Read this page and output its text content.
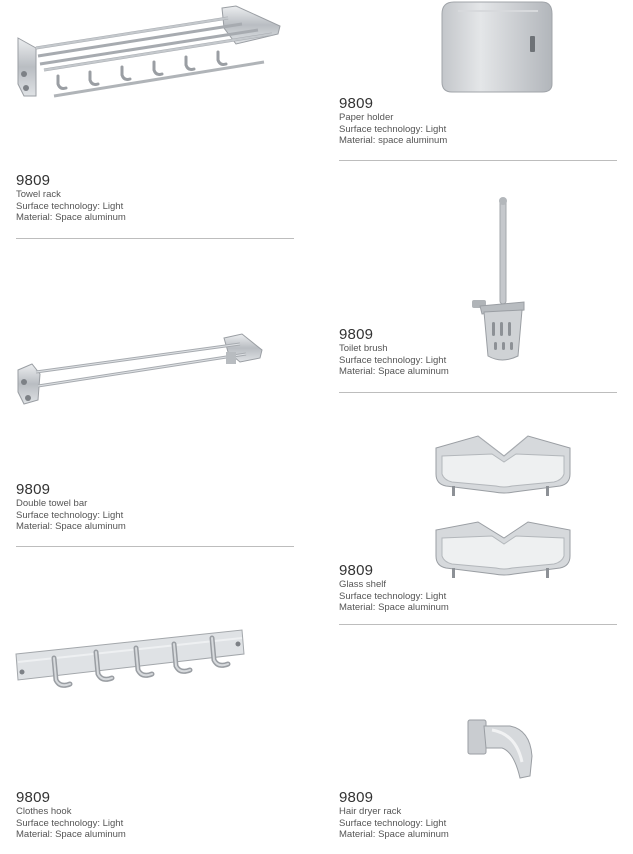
9809
Towel rack
Surface technology: Light
Material: Space aluminum
9809
Double towel bar
Surface technology: Light
Material: Space aluminum
9809
Clothes hook
Surface technology: Light
Material: Space aluminum
9809
Paper holder
Surface technology: Light
Material: space aluminum
9809
Toilet brush
Surface technology: Light
Material: Space aluminum
9809
Glass shelf
Surface technology: Light
Material: Space aluminum
9809
Hair dryer rack
Surface technology: Light
Material: Space aluminum
